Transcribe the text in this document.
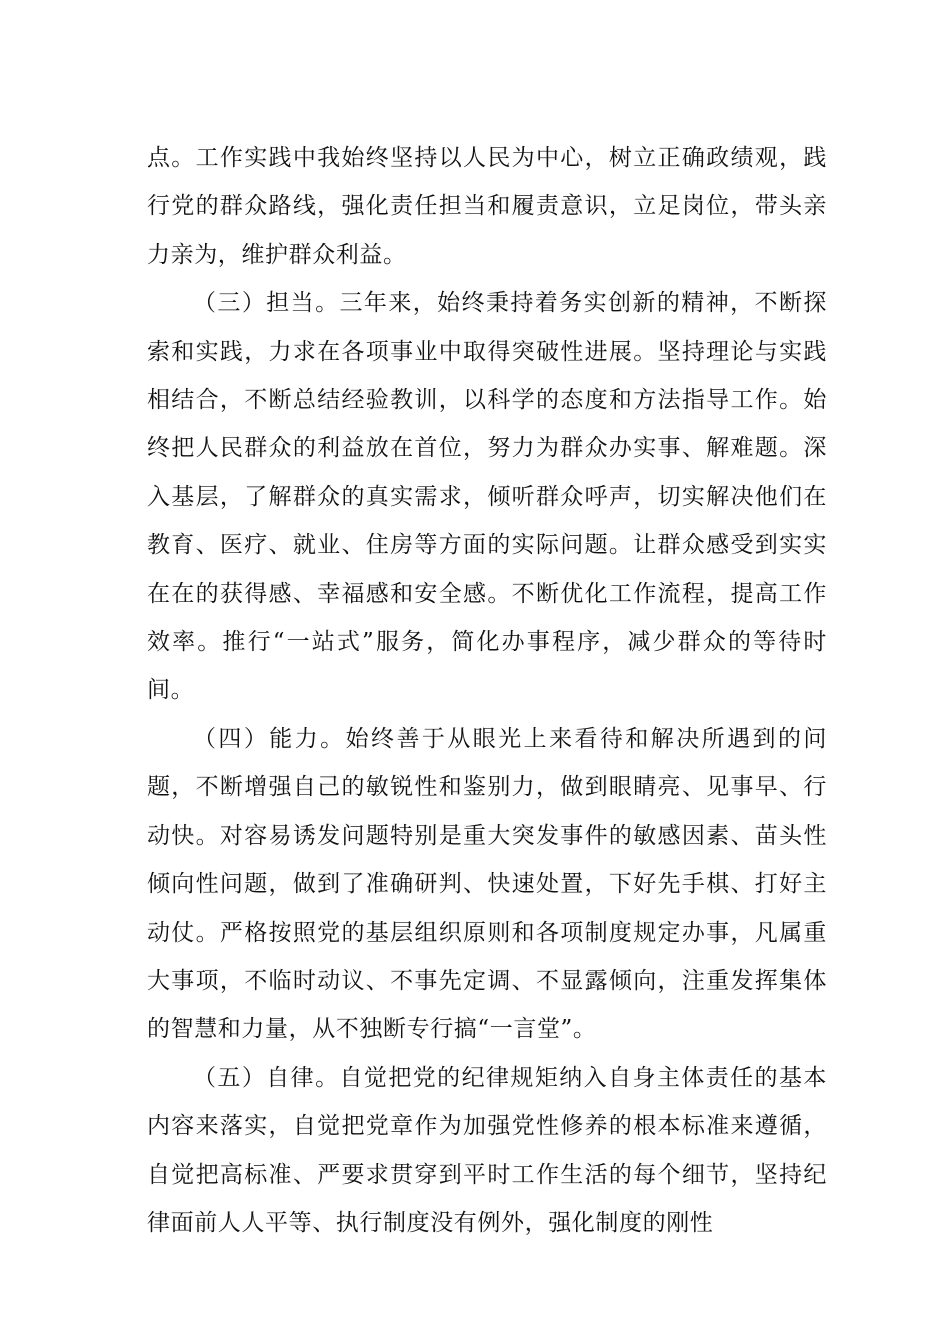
点。工作实践中我始终坚持以人民为中心，树立正确政绩观，践行党的群众路线，强化责任担当和履责意识，立足岗位，带头亲力亲为，维护群众利益。

（三）担当。三年来，始终秉持着务实创新的精神，不断探索和实践，力求在各项事业中取得突破性进展。坚持理论与实践相结合，不断总结经验教训，以科学的态度和方法指导工作。始终把人民群众的利益放在首位，努力为群众办实事、解难题。深入基层，了解群众的真实需求，倾听群众呼声，切实解决他们在教育、医疗、就业、住房等方面的实际问题。让群众感受到实实在在的获得感、幸福感和安全感。不断优化工作流程，提高工作效率。推行“一站式”服务，简化办事程序，减少群众的等待时间。

（四）能力。始终善于从眼光上来看待和解决所遇到的问题，不断增强自己的敏锐性和鉴别力，做到眼睛亮、见事早、行动快。对容易诱发问题特别是重大突发事件的敏感因素、苗头性倾向性问题，做到了准确研判、快速处置，下好先手棋、打好主动仗。严格按照党的基层组织原则和各项制度规定办事，凡属重大事项，不临时动议、不事先定调、不显露倾向，注重发挥集体的智慧和力量，从不独断专行搞“一言堂”。

（五）自律。自觉把党的纪律规矩纳入自身主体责任的基本内容来落实，自觉把党章作为加强党性修养的根本标准来遵循，自觉把高标准、严要求贯穿到平时工作生活的每个细节，坚持纪律面前人人平等、执行制度没有例外，强化制度的刚性
